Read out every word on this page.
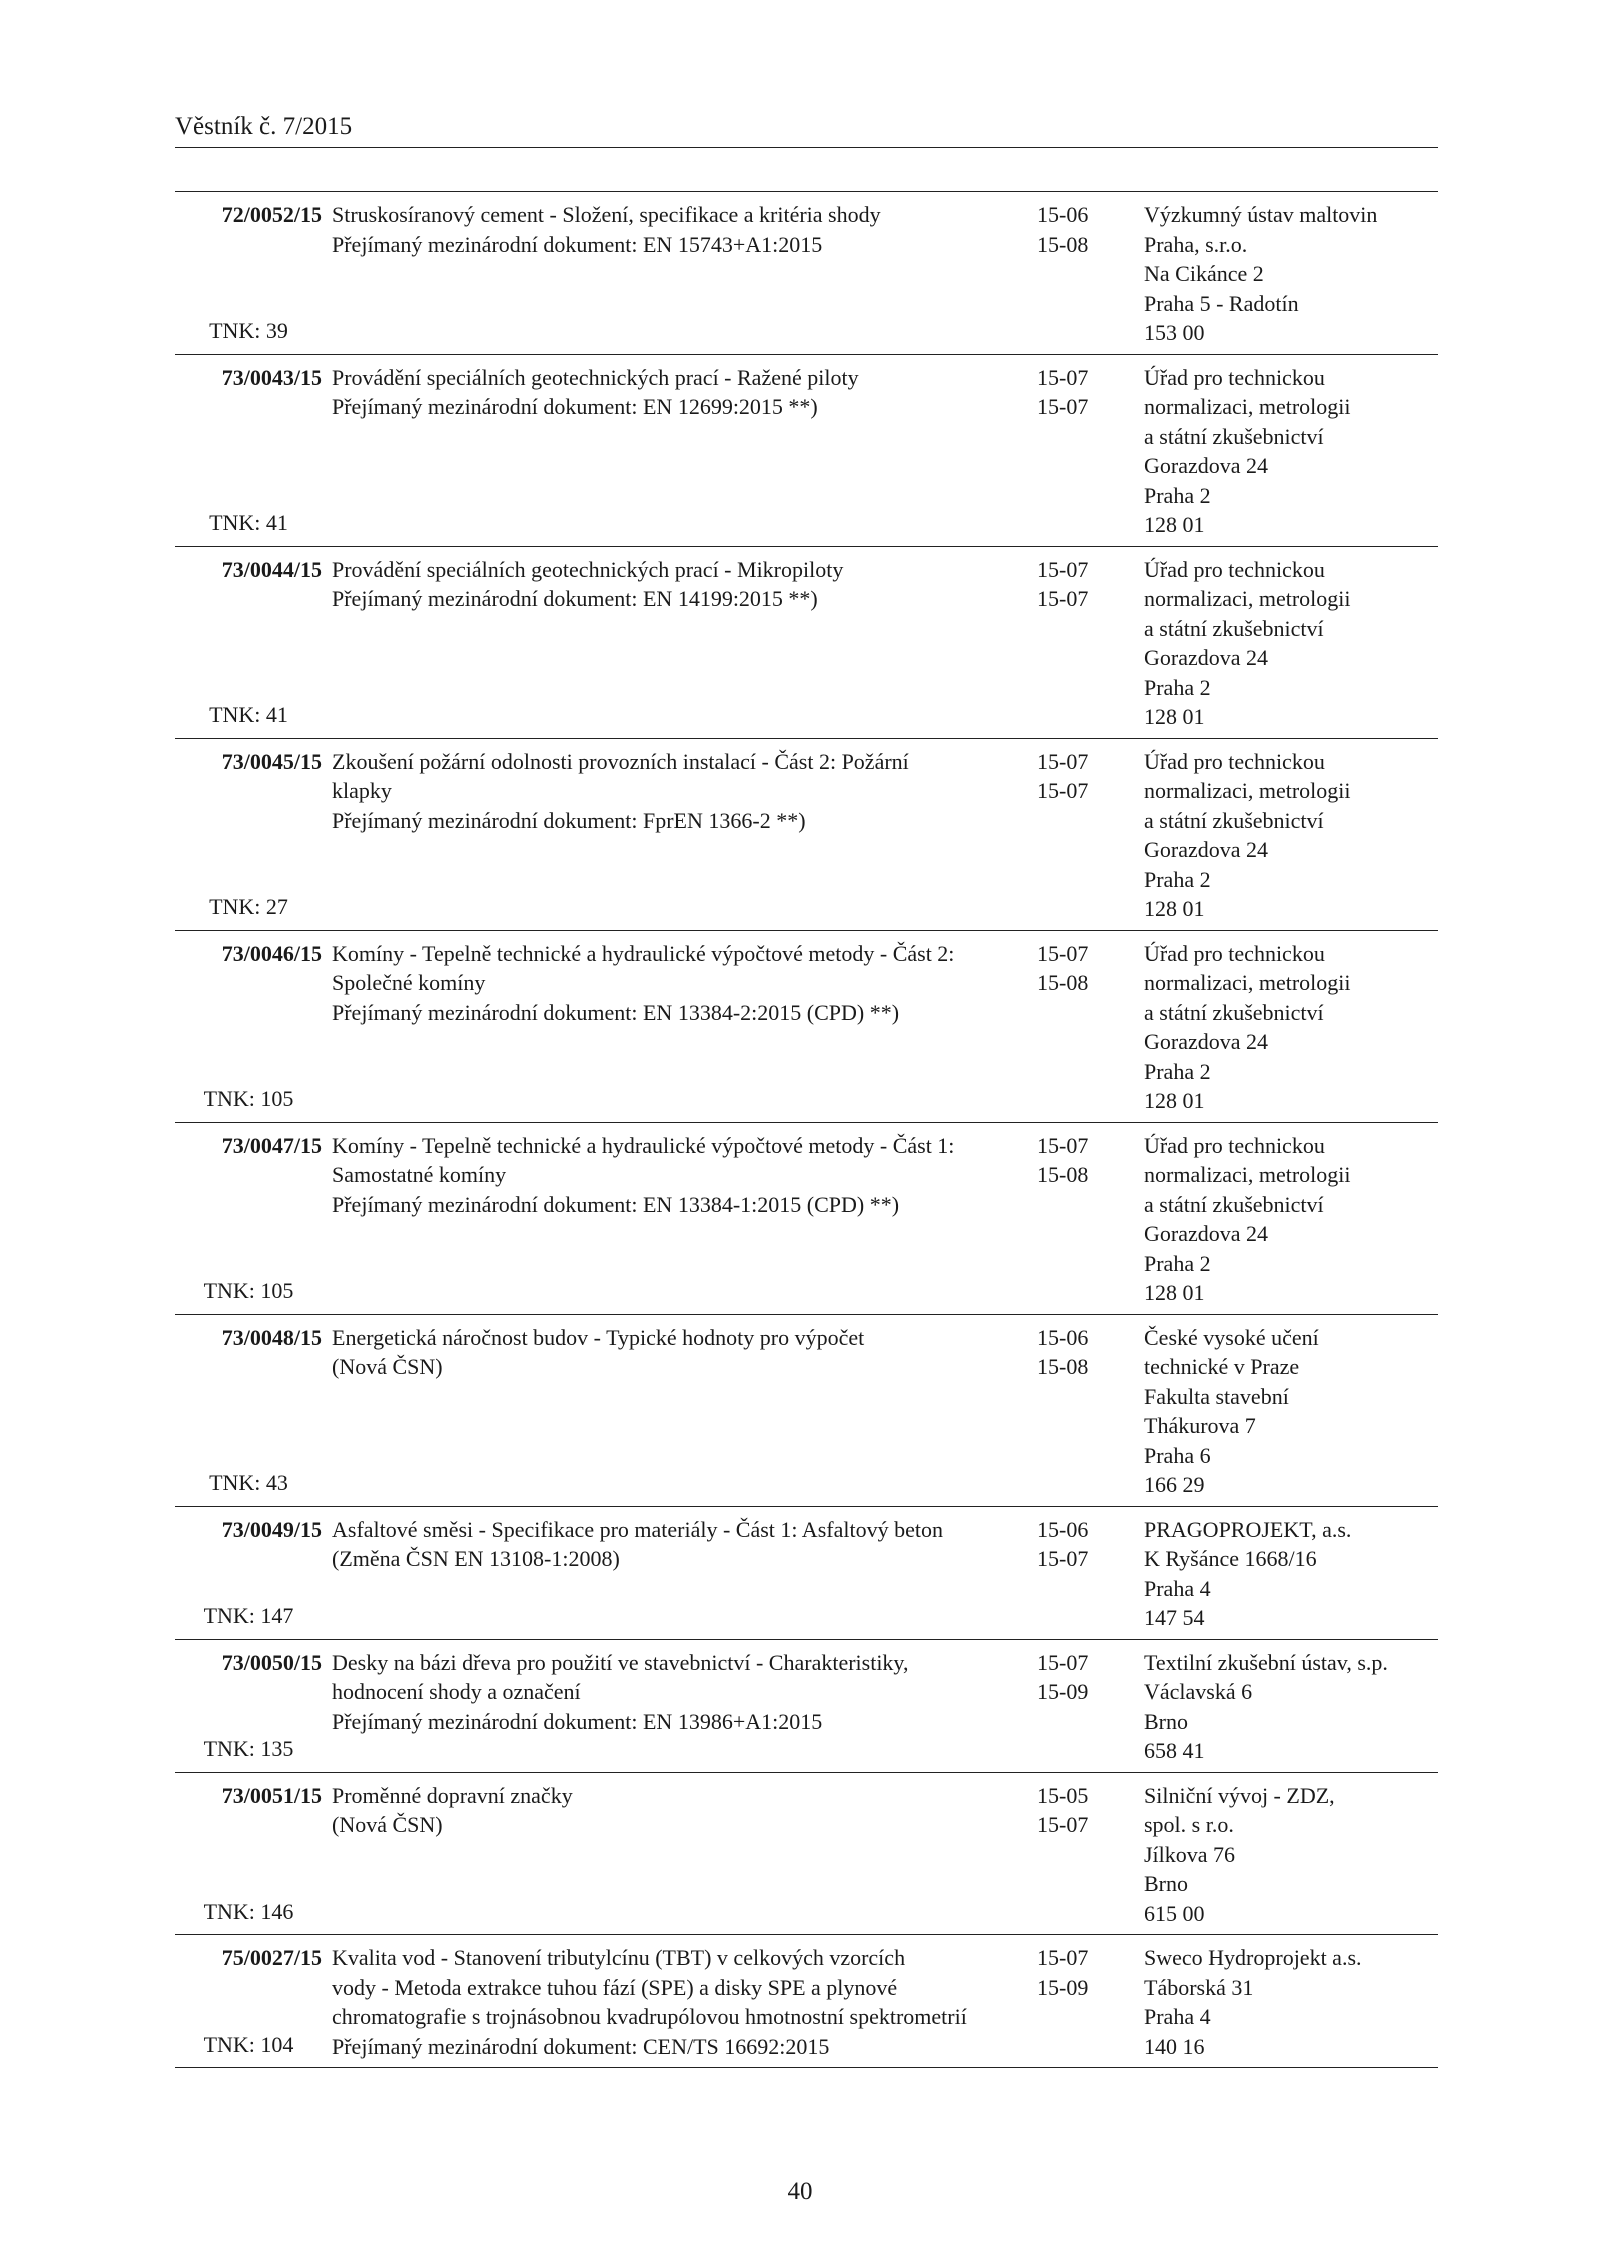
Věstník č. 7/2015
72/0052/15
TNK: 39
Struskosíranový cement - Složení, specifikace a kritéria shody
Přejímaný mezinárodní dokument: EN 15743+A1:2015
15-06
15-08
Výzkumný ústav maltovin
Praha, s.r.o.
Na Cikánce 2
Praha 5 - Radotín
153 00
73/0043/15
TNK: 41
Provádění speciálních geotechnických prací - Ražené piloty
Přejímaný mezinárodní dokument: EN 12699:2015 **)
15-07
15-07
Úřad pro technickou
normalizaci, metrologii
a státní zkušebnictví
Gorazdova 24
Praha 2
128 01
73/0044/15
TNK: 41
Provádění speciálních geotechnických prací - Mikropiloty
Přejímaný mezinárodní dokument: EN 14199:2015 **)
15-07
15-07
Úřad pro technickou
normalizaci, metrologii
a státní zkušebnictví
Gorazdova 24
Praha 2
128 01
73/0045/15
TNK: 27
Zkoušení požární odolnosti provozních instalací - Část 2: Požární
klapky
Přejímaný mezinárodní dokument: FprEN 1366-2 **)
15-07
15-07
Úřad pro technickou
normalizaci, metrologii
a státní zkušebnictví
Gorazdova 24
Praha 2
128 01
73/0046/15
TNK: 105
Komíny - Tepelně technické a hydraulické výpočtové metody - Část 2:
Společné komíny
Přejímaný mezinárodní dokument: EN 13384-2:2015 (CPD) **)
15-07
15-08
Úřad pro technickou
normalizaci, metrologii
a státní zkušebnictví
Gorazdova 24
Praha 2
128 01
73/0047/15
TNK: 105
Komíny - Tepelně technické a hydraulické výpočtové metody - Část 1:
Samostatné komíny
Přejímaný mezinárodní dokument: EN 13384-1:2015 (CPD) **)
15-07
15-08
Úřad pro technickou
normalizaci, metrologii
a státní zkušebnictví
Gorazdova 24
Praha 2
128 01
73/0048/15
TNK: 43
Energetická náročnost budov - Typické hodnoty pro výpočet
(Nová ČSN)
15-06
15-08
České vysoké učení
technické v Praze
Fakulta stavební
Thákurova 7
Praha 6
166 29
73/0049/15
TNK: 147
Asfaltové směsi - Specifikace pro materiály - Část 1: Asfaltový beton
(Změna ČSN EN 13108-1:2008)
15-06
15-07
PRAGOPROJEKT, a.s.
K Ryšánce 1668/16
Praha 4
147 54
73/0050/15
TNK: 135
Desky na bázi dřeva pro použití ve stavebnictví - Charakteristiky,
hodnocení shody a označení
Přejímaný mezinárodní dokument: EN 13986+A1:2015
15-07
15-09
Textilní zkušební ústav, s.p.
Václavská 6
Brno
658 41
73/0051/15
TNK: 146
Proměnné dopravní značky
(Nová ČSN)
15-05
15-07
Silniční vývoj - ZDZ,
spol. s r.o.
Jílkova 76
Brno
615 00
75/0027/15
TNK: 104
Kvalita vod - Stanovení tributylcínu (TBT) v celkových vzorcích
vody - Metoda extrakce tuhou fází (SPE) a disky SPE a plynové
chromatografie s trojnásobnou kvadrupólovou hmotnostní spektrometrií
Přejímaný mezinárodní dokument: CEN/TS 16692:2015
15-07
15-09
Sweco Hydroprojekt a.s.
Táborská 31
Praha 4
140 16
40
